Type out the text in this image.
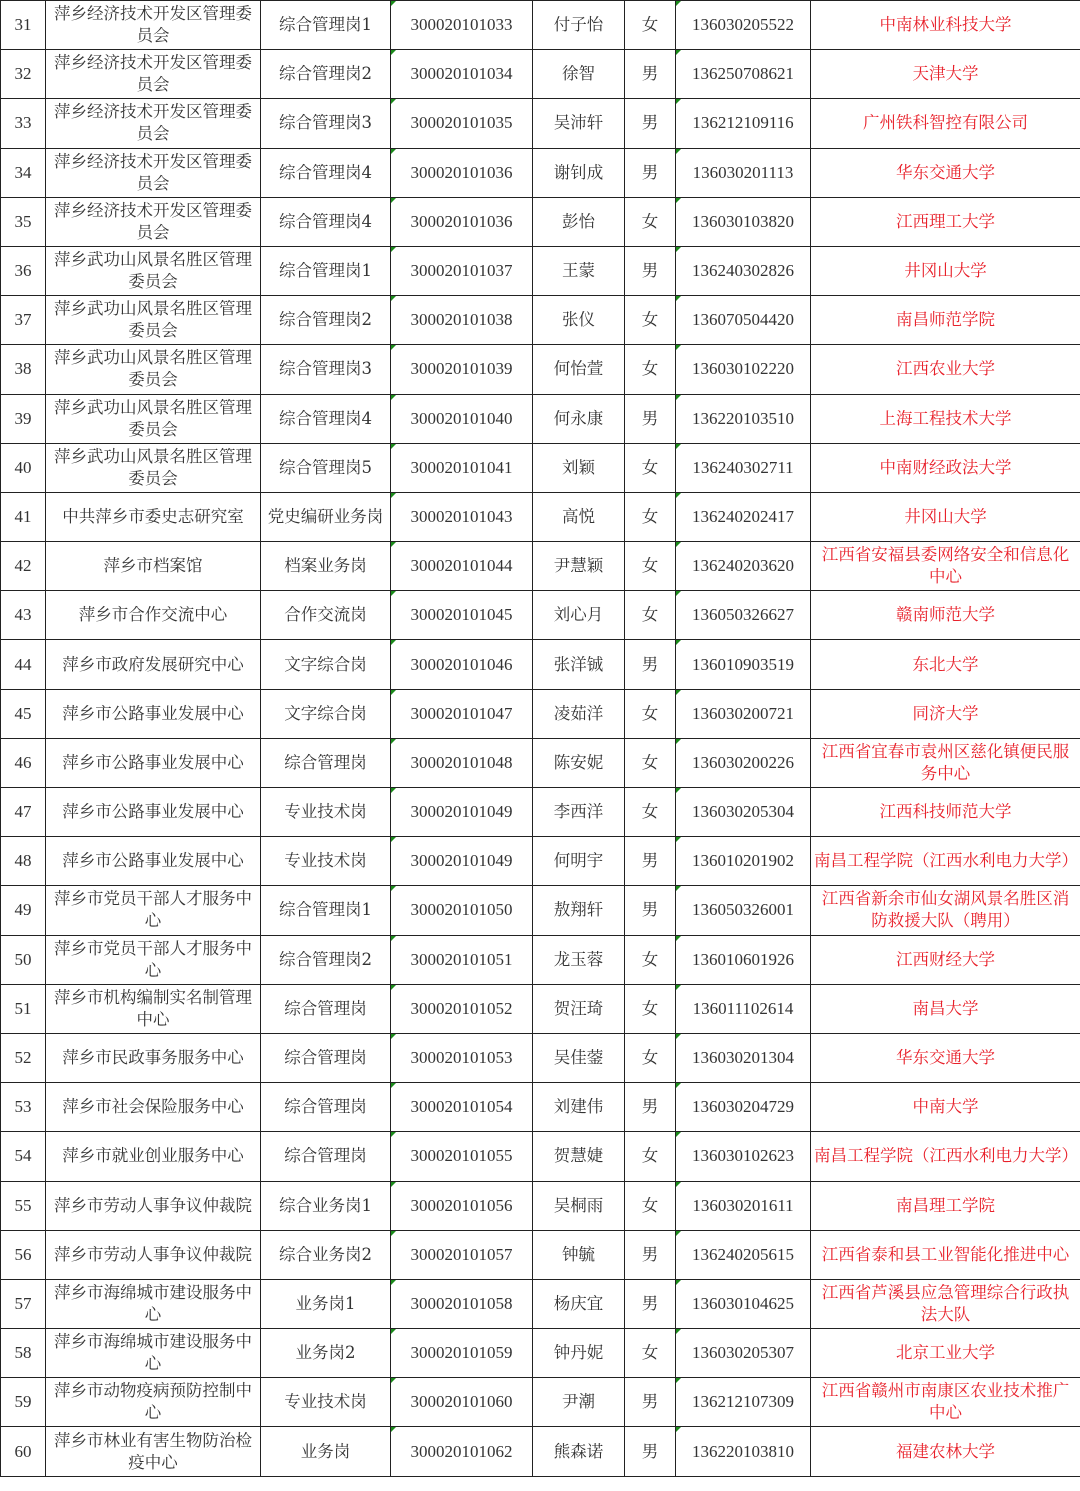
31	萍乡经济技术开发区管理委员会	综合管理岗1	300020101033	付子怡	女	136030205522	中南林业科技大学
32	萍乡经济技术开发区管理委员会	综合管理岗2	300020101034	徐智	男	136250708621	天津大学
33	萍乡经济技术开发区管理委员会	综合管理岗3	300020101035	吴沛轩	男	136212109116	广州铁科智控有限公司
34	萍乡经济技术开发区管理委员会	综合管理岗4	300020101036	谢钊成	男	136030201113	华东交通大学
35	萍乡经济技术开发区管理委员会	综合管理岗4	300020101036	彭怡	女	136030103820	江西理工大学
36	萍乡武功山风景名胜区管理委员会	综合管理岗1	300020101037	王蒙	男	136240302826	井冈山大学
37	萍乡武功山风景名胜区管理委员会	综合管理岗2	300020101038	张仪	女	136070504420	南昌师范学院
38	萍乡武功山风景名胜区管理委员会	综合管理岗3	300020101039	何怡萱	女	136030102220	江西农业大学
39	萍乡武功山风景名胜区管理委员会	综合管理岗4	300020101040	何永康	男	136220103510	上海工程技术大学
40	萍乡武功山风景名胜区管理委员会	综合管理岗5	300020101041	刘颖	女	136240302711	中南财经政法大学
41	中共萍乡市委史志研究室	党史编研业务岗	300020101043	高悦	女	136240202417	井冈山大学
42	萍乡市档案馆	档案业务岗	300020101044	尹慧颖	女	136240203620	江西省安福县委网络安全和信息化中心
43	萍乡市合作交流中心	合作交流岗	300020101045	刘心月	女	136050326627	赣南师范大学
44	萍乡市政府发展研究中心	文字综合岗	300020101046	张洋铖	男	136010903519	东北大学
45	萍乡市公路事业发展中心	文字综合岗	300020101047	凌茹洋	女	136030200721	同济大学
46	萍乡市公路事业发展中心	综合管理岗	300020101048	陈安妮	女	136030200226	江西省宜春市袁州区慈化镇便民服务中心
47	萍乡市公路事业发展中心	专业技术岗	300020101049	李西洋	女	136030205304	江西科技师范大学
48	萍乡市公路事业发展中心	专业技术岗	300020101049	何明宇	男	136010201902	南昌工程学院（江西水利电力大学）
49	萍乡市党员干部人才服务中心	综合管理岗1	300020101050	敖翔轩	男	136050326001	江西省新余市仙女湖风景名胜区消防救援大队（聘用）
50	萍乡市党员干部人才服务中心	综合管理岗2	300020101051	龙玉蓉	女	136010601926	江西财经大学
51	萍乡市机构编制实名制管理中心	综合管理岗	300020101052	贺汪琦	女	136011102614	南昌大学
52	萍乡市民政事务服务中心	综合管理岗	300020101053	吴佳蓥	女	136030201304	华东交通大学
53	萍乡市社会保险服务中心	综合管理岗	300020101054	刘建伟	男	136030204729	中南大学
54	萍乡市就业创业服务中心	综合管理岗	300020101055	贺慧婕	女	136030102623	南昌工程学院（江西水利电力大学）
55	萍乡市劳动人事争议仲裁院	综合业务岗1	300020101056	吴桐雨	女	136030201611	南昌理工学院
56	萍乡市劳动人事争议仲裁院	综合业务岗2	300020101057	钟毓	男	136240205615	江西省泰和县工业智能化推进中心
57	萍乡市海绵城市建设服务中心	业务岗1	300020101058	杨庆宜	男	136030104625	江西省芦溪县应急管理综合行政执法大队
58	萍乡市海绵城市建设服务中心	业务岗2	300020101059	钟丹妮	女	136030205307	北京工业大学
59	萍乡市动物疫病预防控制中心	专业技术岗	300020101060	尹潮	男	136212107309	江西省赣州市南康区农业技术推广中心
60	萍乡市林业有害生物防治检疫中心	业务岗	300020101062	熊森诺	男	136220103810	福建农林大学
